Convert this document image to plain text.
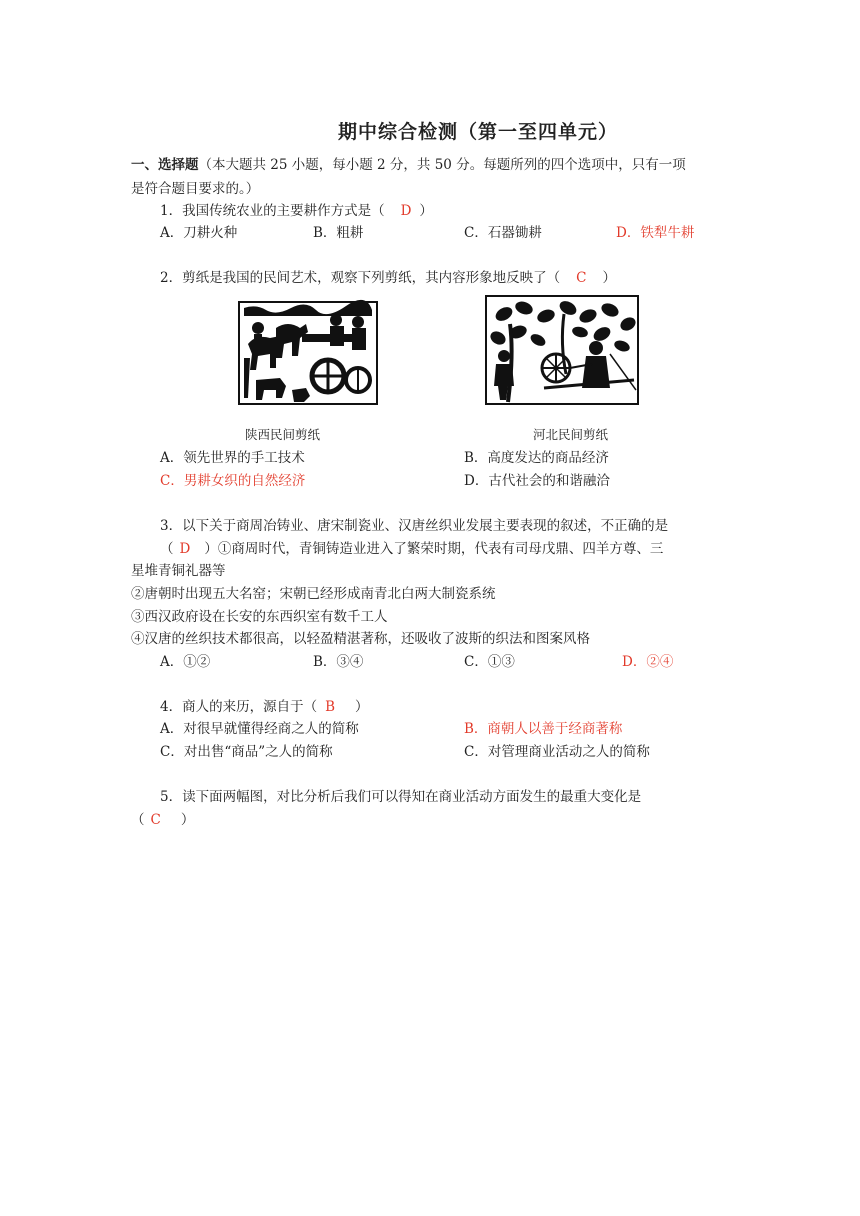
期中综合检测（第一至四单元）
一、选择题（本大题共 25 小题，每小题 2 分，共 50 分。每题所列的四个选项中，只有一项
是符合题目要求的。）
1．我国传统农业的主要耕作方式是（ D ）
A．刀耕火种	B．粗耕	C．石器锄耕	D．铁犁牛耕
2．剪纸是我国的民间艺术，观察下列剪纸，其内容形象地反映了（ C ）
陕西民间剪纸	河北民间剪纸
A．领先世界的手工技术	B．高度发达的商品经济
C．男耕女织的自然经济	D．古代社会的和谐融洽
3．以下关于商周冶铸业、唐宋制瓷业、汉唐丝织业发展主要表现的叙述，不正确的是
（ D ）①商周时代，青铜铸造业进入了繁荣时期，代表有司母戊鼎、四羊方尊、三
星堆青铜礼器等
②唐朝时出现五大名窑；宋朝已经形成南青北白两大制瓷系统
③西汉政府设在长安的东西织室有数千工人
④汉唐的丝织技术都很高，以轻盈精湛著称，还吸收了波斯的织法和图案风格
A．①②	B．③④	C．①③	D．②④
4．商人的来历，源自于（ B ）
A．对很早就懂得经商之人的简称	B．商朝人以善于经商著称
C．对出售“商品”之人的简称	C．对管理商业活动之人的简称
5．读下面两幅图，对比分析后我们可以得知在商业活动方面发生的最重大变化是
（ C ）
